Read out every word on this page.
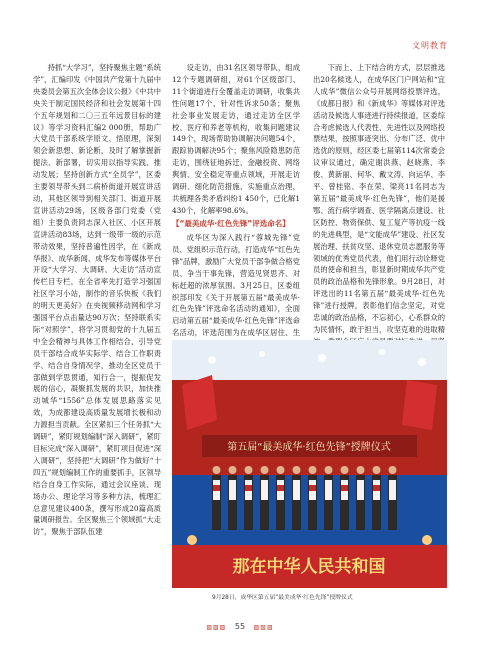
文明教育

持抓“大学习”，坚持聚焦主题“系统学”，汇编印发《中国共产党第十九届中央委员会第五次全体会议公报》《中共中央关于制定国民经济和社会发展第十四个五年规划和二〇三五年远景目标的建议》等学习资料汇编2 000册，帮助广大党员干部系统学原文、悟原理，深刻领会新思想、新论断，及时了解掌握新提法、新部署，切实用以指导实践、推动发展；坚持创新方式“全员学”，区委主要领导带头到二病桥街道开展宣讲活动，其他区领导到相关部门、街道开展宣讲活动29场，区级各部门党委（党组）主要负责同志深入社区、小区开展宣讲活动83场，达到一级带一级的示范带动效果，坚持普遍性因学，在《新成华报》、成华新闻、成华发布等媒体平台开设“大学习、大调研、大走访”活动宣传栏目专栏，在全省率先打造学习强国社区学习小站，制作的音乐快板《我们的明天更美好》在央视频移动网和学习强国平台点击量达90万次；坚持联系实际“对照学”，将学习贯彻党的十九届五中全会精神与具体工作相结合，引导党员干部结合成华实际学、结合工作职责学、结合自身情况学，推动全区党员干部做到学思贯通，知行合一，提振促发展的信心，凝聚抓发展的共识，加快推动城华“1556”总体发展思路落实见效，为成都建设高质量发展增长极和动力源担当贡献。全区紧扣三个任务抓“大调研”，紧盯规划编制“深入调研”，紧盯目标完成“深入调研”，紧盯项目促进“深入调研”，坚持把“大调研”作为做好“十四五”规划编制工作的重要抓手，区领导结合自身工作实际，通过会议座谈、现场办公、理论学习等多种方法，梳理汇总意见建议400条，撰写形成20篇高质量调研报告。全区聚焦三个领域抓“大走访”，聚焦于部队伍建

设走访，由31名区领导带队，组成12个专题调研组，对61个区级部门、11个街道进行全覆盖走访调研，收集共性问题17个、针对性诉求50条；聚焦社会事业发展走访，通过走访全区学校、医疗和养老等机构，收集问题建议149个，现场帮助协调解决问题54个，跟踪协调解决95个；聚焦风险隐患防范走访，围绕征地拆迁、金融投资、网络舆情、安全稳定等重点领域，开展走访调研、细化防范措施、实施重点治理，共梳理各类矛盾纠纷1 450个，已化解1 430个，化解率98.6%。

【“最美成华·红色先锋”评选命名】

成华区为深入践行“蓉城先锋”党员、党组织示范行动，打造成华“红色先锋”品牌，激励广大党员干部争做合格党员、争当干事先锋，营造见贤思齐、对标赶超的浓厚氛围。3月25日，区委组织部印发《关于开展第五届“最美成华·红色先锋”评选命名活动的通知》，全面启动第五届“最美成华·红色先锋”评选命名活动，评选范围为在成华区居住、生

下而上、上下结合的方式，层层推选出20名候选人，在成华区门户网站和“宜人成华”微信公众号开展网络投票评选，《成都日报》和《新成华》等媒体对评选活动及候选人事迹进行持续报道，区委综合考虑候选人代表性、先进性以及网络投票结果，按照事迹突出、分布广泛、优中选优的原则，经区委七届第114次常委会议审议通过，确定谢洪燕、赵晓燕、李俊、黄新丽、何华、戴文涛、向运华、李平、曾桂铭、李在荣、梁亮11名同志为第五届“最美成华·红色先锋”，他们是援鄂、流行病学调查、医学隔离点建设、社区防控、物资保供、复工复产等抗疫一线的先进典型，是“文能成华”建设、社区发展治理、扶贫攻坚、退休党员志愿服务等领域的优秀党员代表，他们用行动诠释党员的使命和担当，彰显新时期成华共产党员的政治品格和先锋形象。9月28日，对评选出的11名第五届“最美成华·红色先锋”进行授牌，表彰他们信念坚定，对党忠诚的政治品格，不忘初心，心系群众的为民情怀，敢于担当，攻坚克难的进取精

第五届“最美成华·红色先锋”授牌仪式
那在中华人民共和国
9月28日，成华区第五届“最美成华·红色先锋”授牌仪式
▧▧▧ 55 ▧▧▧
